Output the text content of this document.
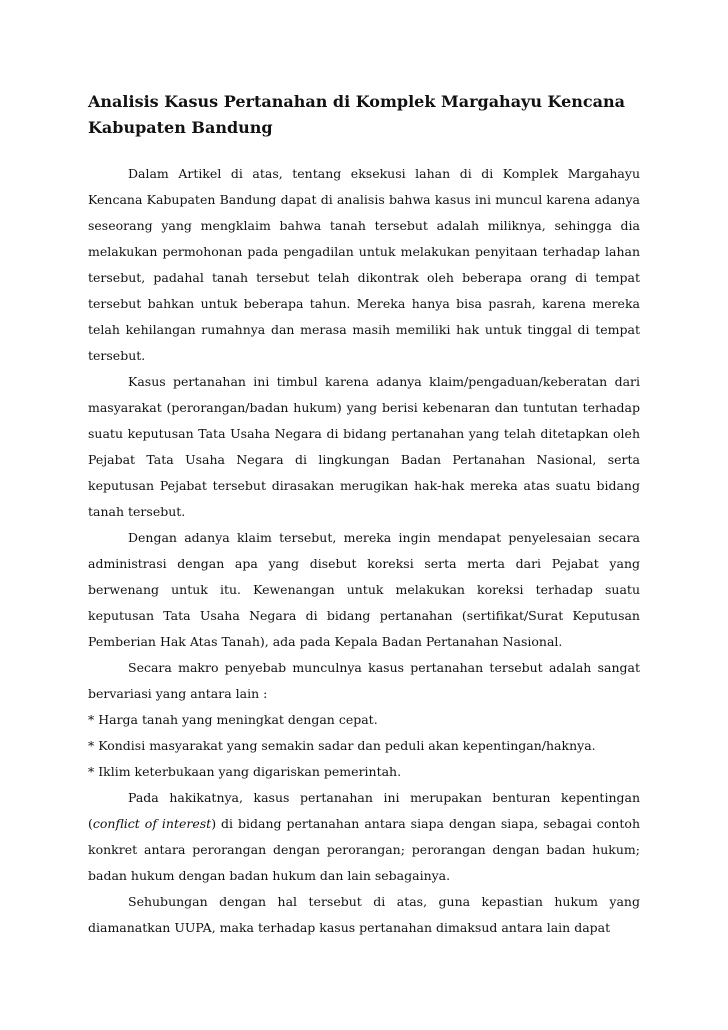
Analisis Kasus Pertanahan di Komplek Margahayu Kencana
Kabupaten Bandung

Dalam Artikel di atas, tentang eksekusi lahan di di Komplek Margahayu Kencana Kabupaten Bandung dapat di analisis bahwa kasus ini muncul karena adanya seseorang yang mengklaim bahwa tanah tersebut adalah miliknya, sehingga dia melakukan permohonan pada pengadilan untuk melakukan penyitaan terhadap lahan tersebut, padahal tanah tersebut telah dikontrak oleh beberapa orang di tempat tersebut bahkan untuk beberapa tahun. Mereka hanya bisa pasrah, karena mereka telah kehilangan rumahnya dan merasa masih memiliki hak untuk tinggal di tempat tersebut.

Kasus pertanahan ini timbul karena adanya klaim/pengaduan/keberatan dari masyarakat (perorangan/badan hukum) yang berisi kebenaran dan tuntutan terhadap suatu keputusan Tata Usaha Negara di bidang pertanahan yang telah ditetapkan oleh Pejabat Tata Usaha Negara di lingkungan Badan Pertanahan Nasional, serta keputusan Pejabat tersebut dirasakan merugikan hak-hak mereka atas suatu bidang tanah tersebut.

Dengan adanya klaim tersebut, mereka ingin mendapat penyelesaian secara administrasi dengan apa yang disebut koreksi serta merta dari Pejabat yang berwenang untuk itu. Kewenangan untuk melakukan koreksi terhadap suatu keputusan Tata Usaha Negara di bidang pertanahan (sertifikat/Surat Keputusan Pemberian Hak Atas Tanah), ada pada Kepala Badan Pertanahan Nasional.

Secara makro penyebab munculnya kasus pertanahan tersebut adalah sangat bervariasi yang antara lain :

* Harga tanah yang meningkat dengan cepat.

* Kondisi masyarakat yang semakin sadar dan peduli akan kepentingan/haknya.

* Iklim keterbukaan yang digariskan pemerintah.

Pada hakikatnya, kasus pertanahan ini merupakan benturan kepentingan (conflict of interest) di bidang pertanahan antara siapa dengan siapa, sebagai contoh konkret antara perorangan dengan perorangan; perorangan dengan badan hukum; badan hukum dengan badan hukum dan lain sebagainya.

Sehubungan dengan hal tersebut di atas, guna kepastian hukum yang diamanatkan UUPA, maka terhadap kasus pertanahan dimaksud antara lain dapat
